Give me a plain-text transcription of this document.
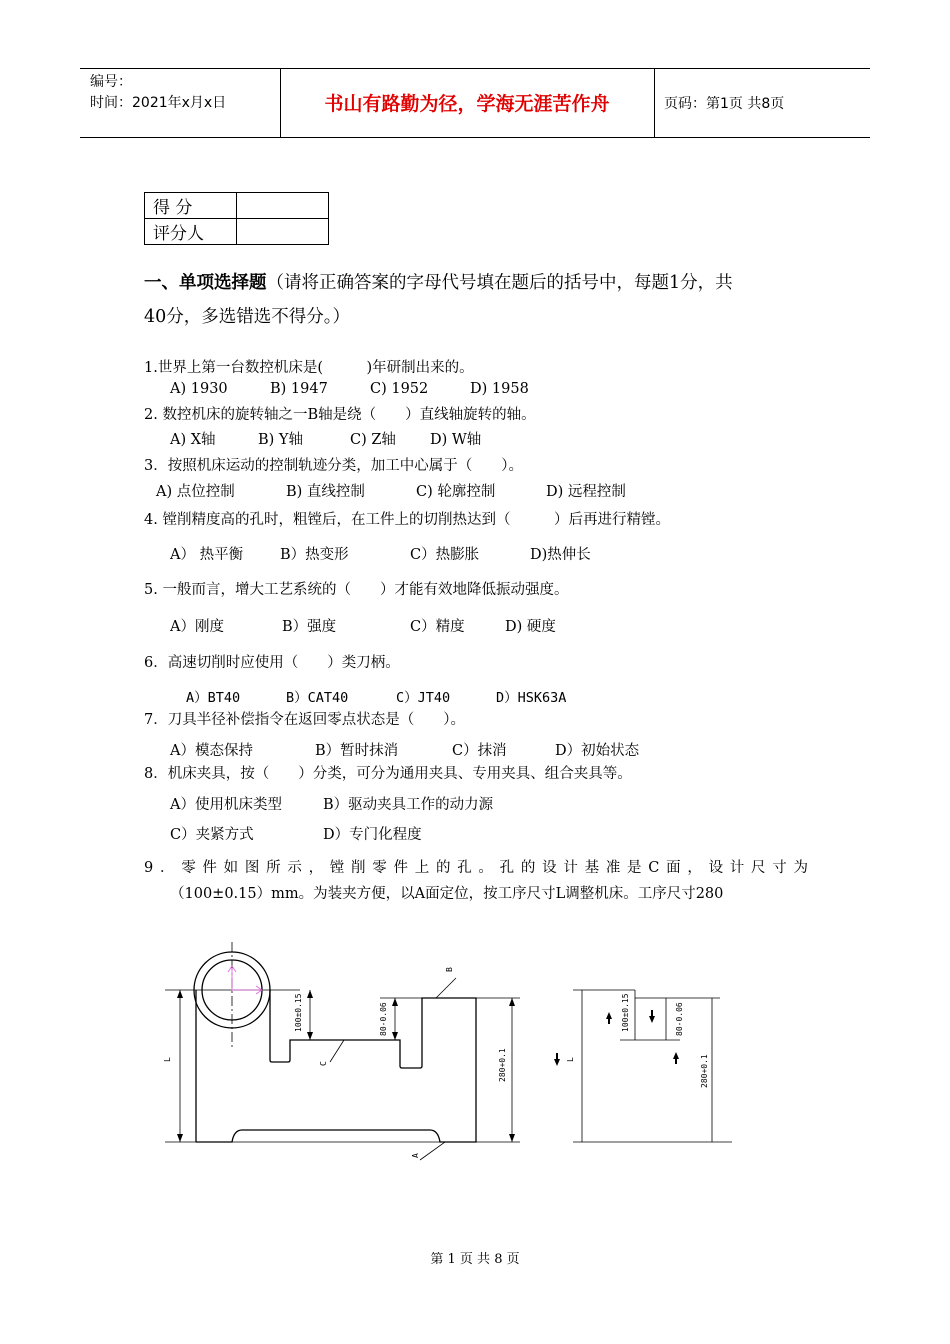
编号：
时间：2021年x月x日	书山有路勤为径，学海无涯苦作舟	页码：第1页 共8页
得 分	
评分人	
一、单项选择题（请将正确答案的字母代号填在题后的括号中，每题1分，共
40分，多选错选不得分。）
1.世界上第一台数控机床是(　　　)年研制出来的。
A) 1930	B) 1947	C) 1952	D) 1958
2. 数控机床的旋转轴之一B轴是绕（　　）直线轴旋转的轴。
A) X轴	B) Y轴	C) Z轴 D) W轴
3．按照机床运动的控制轨迹分类，加工中心属于（　　）。
A) 点位控制	B) 直线控制	C) 轮廓控制	D) 远程控制
4. 镗削精度高的孔时，粗镗后，在工件上的切削热达到（　　　）后再进行精镗。
A） 热平衡	B）热变形	C）热膨胀	D)热伸长
5. 一般而言，增大工艺系统的（　　）才能有效地降低振动强度。
A）刚度	B）强度	C）精度	D) 硬度
6．高速切削时应使用（　　）类刀柄。
A）BT40	B）CAT40	C）JT40	D）HSK63A
7．刀具半径补偿指令在返回零点状态是（　　）。
A）模态保持	B）暂时抹消	C）抹消	D）初始状态
8．机床夹具，按（　　）分类，可分为通用夹具、专用夹具、组合夹具等。
A）使用机床类型	B）驱动夹具工作的动力源
C）夹紧方式	D）专门化程度
9．零件如图所示，镗削零件上的孔。孔的设计基准是C面，设计尺寸为
（100±0.15）mm。为装夹方便，以A面定位，按工序尺寸L调整机床。工序尺寸280
L
100±0.15	80-0.06
280+0.1
B
C
A
100±0.15	80-0.06
280+0.1
L
第 1 页 共 8 页
